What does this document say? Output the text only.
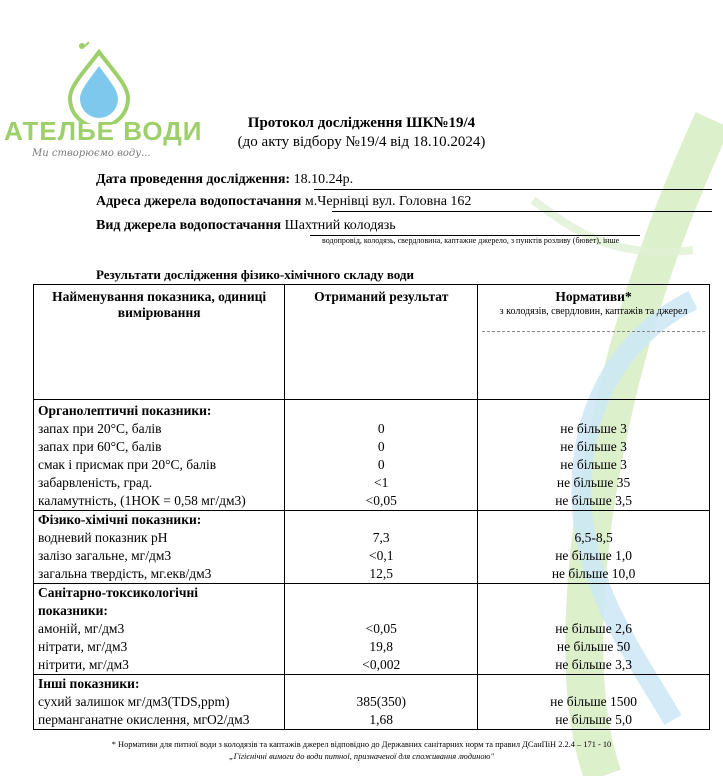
АТЕЛЬЕ ВОДИ
Ми створюємо воду...
Протокол дослідження ШК№19/4
(до акту відбору №19/4 від 18.10.2024)
Дата проведення дослідження: 18.10.24р.
Адреса джерела водопостачання м.Чернівці вул. Головна 162
Вид джерела водопостачання Шахтний колодязь
водопровід, колодязь, свердловина, каптажне джерело, з пунктів розливу (бювет), інше
Результати дослідження фізико-хімічного складу води
Найменування показника, одиниці вимірювання	Отриманий результат	Нормативи*
з колодязів, свердловин, каптажів та джерел

Органолептичні показники:		
запах при 20°С, балів	0	не більше 3
запах при 60°С, балів	0	не більше 3
смак і присмак при 20°С, балів	0	не більше 3
забарвленість, град.	<1	не більше 35
каламутність, (1НОК = 0,58 мг/дм3)	<0,05	не більше 3,5
Фізико-хімічні показники:		
водневий показник рН	7,3	6,5-8,5
залізо загальне, мг/дм3	<0,1	не більше 1,0
загальна твердість, мг.екв/дм3	12,5	не більше 10,0
Санітарно-токсикологічні показники:		
амоній, мг/дм3	<0,05	не більше 2,6
нітрати, мг/дм3	19,8	не більше 50
нітрити, мг/дм3	<0,002	не більше 3,3
Інші показники:		
сухий залишок мг/дм3(TDS,ppm)	385(350)	не більше 1500
перманганатне окислення, мгО2/дм3	1,68	не більше 5,0
* Нормативи для питної води з колодязів та каптажів джерел відповідно до Державних санітарних норм та правил ДСанПіН 2.2.4 – 171 - 10
„Гігієнічні вимоги до води питної, призначеної для споживання людиною"
